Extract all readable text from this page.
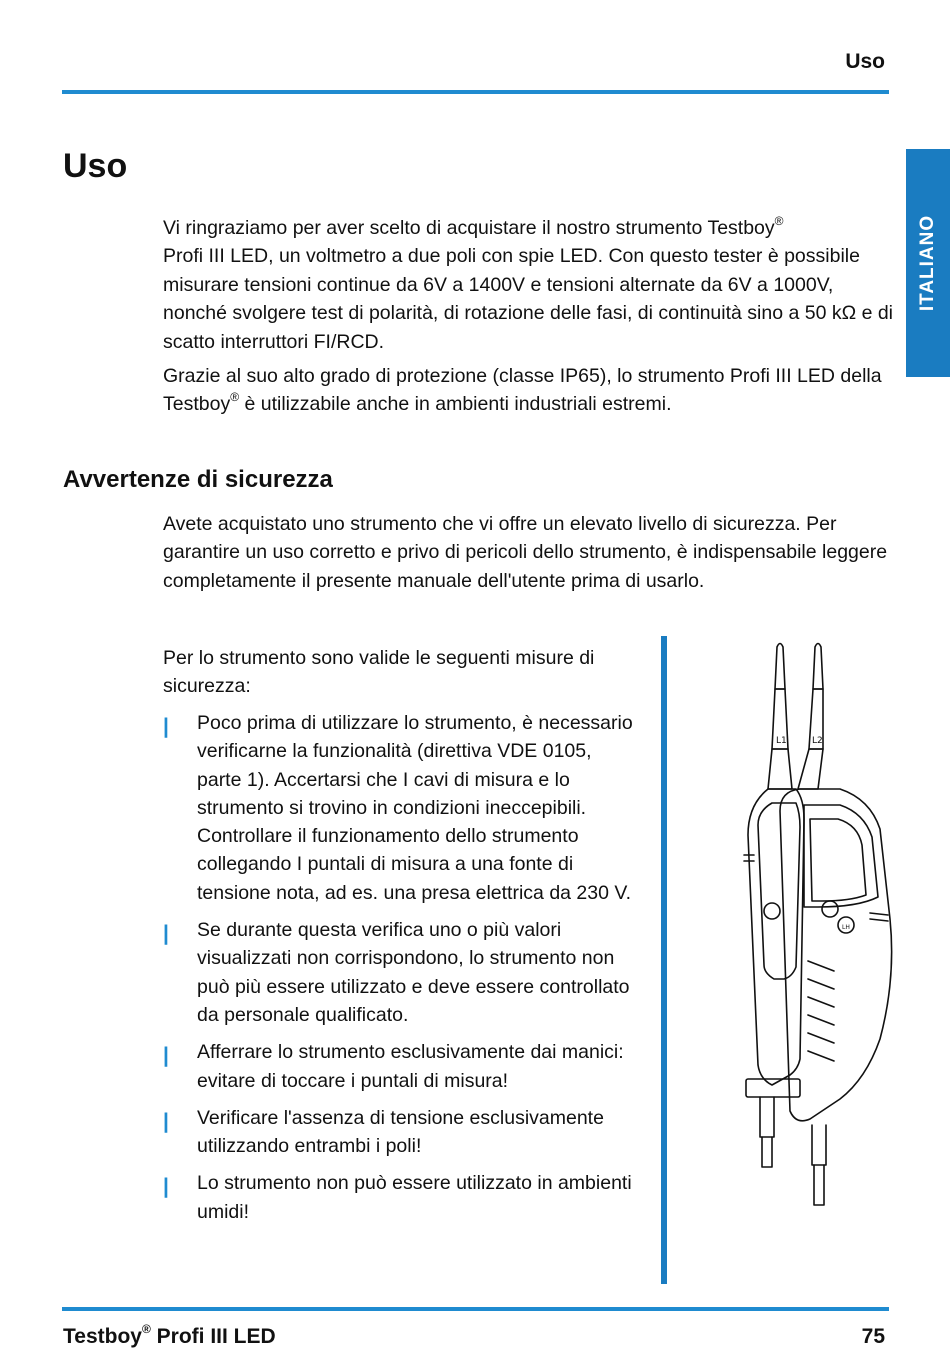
Uso
ITALIANO
Uso

Vi ringraziamo per aver scelto di acquistare il nostro strumento Testboy®
Profi III LED, un voltmetro a due poli con spie LED. Con questo tester è possibile misurare tensioni continue da 6V a 1400V e tensioni alternate da 6V a 1000V, nonché svolgere test di polarità, di rotazione delle fasi, di continuità sino a 50 kΩ e di scatto interruttori FI/RCD.

Grazie al suo alto grado di protezione (classe IP65), lo strumento Profi III LED della Testboy® è utilizzabile anche in ambienti industriali estremi.

Avvertenze di sicurezza

Avete acquistato uno strumento che vi offre un elevato livello di sicurezza. Per garantire un uso corretto e privo di pericoli dello strumento, è indispensabile leggere completamente il presente manuale dell'utente prima di usarlo.

Per lo strumento sono valide le seguenti misure di sicurezza:

| Poco prima di utilizzare lo strumento, è necessario verificarne la funzionalità (direttiva VDE 0105, parte 1). Accertarsi che I cavi di misura e lo strumento si trovino in condizioni ineccepibili. Controllare il funzionamento dello strumento collegando I puntali di misura a una fonte di tensione nota, ad es. una presa elettrica da 230 V.
| Se durante questa verifica uno o più valori visualizzati non corrispondono, lo strumento non può più essere utilizzato e deve essere controllato da personale qualificato.
| Afferrare lo strumento esclusivamente dai manici: evitare di toccare i puntali di misura!
| Verificare l'assenza di tensione esclusivamente utilizzando entrambi i poli!
| Lo strumento non può essere utilizzato in ambienti umidi!
LH
L1	L2
Testboy® Profi III LED	75
